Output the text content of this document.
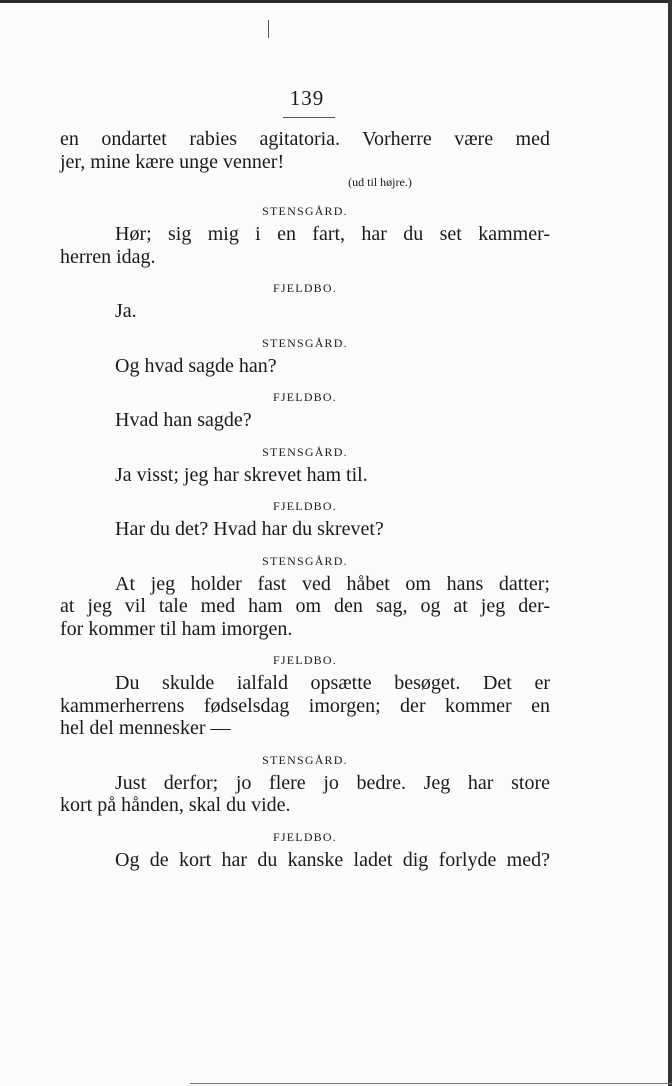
139
en ondartet rabies agitatoria. Vorherre være med
jer, mine kære unge venner!
(ud til højre.)
STENSGÅRD.
Hør; sig mig i en fart, har du set kammer-
herren idag.
FJELDBO.
Ja.
STENSGÅRD.
Og hvad sagde han?
FJELDBO.
Hvad han sagde?
STENSGÅRD.
Ja visst; jeg har skrevet ham til.
FJELDBO.
Har du det? Hvad har du skrevet?
STENSGÅRD.
At jeg holder fast ved håbet om hans datter;
at jeg vil tale med ham om den sag, og at jeg der-
for kommer til ham imorgen.
FJELDBO.
Du skulde ialfald opsætte besøget. Det er
kammerherrens fødselsdag imorgen; der kommer en
hel del mennesker —
STENSGÅRD.
Just derfor; jo flere jo bedre. Jeg har store
kort på hånden, skal du vide.
FJELDBO.
Og de kort har du kanske ladet dig forlyde med?
